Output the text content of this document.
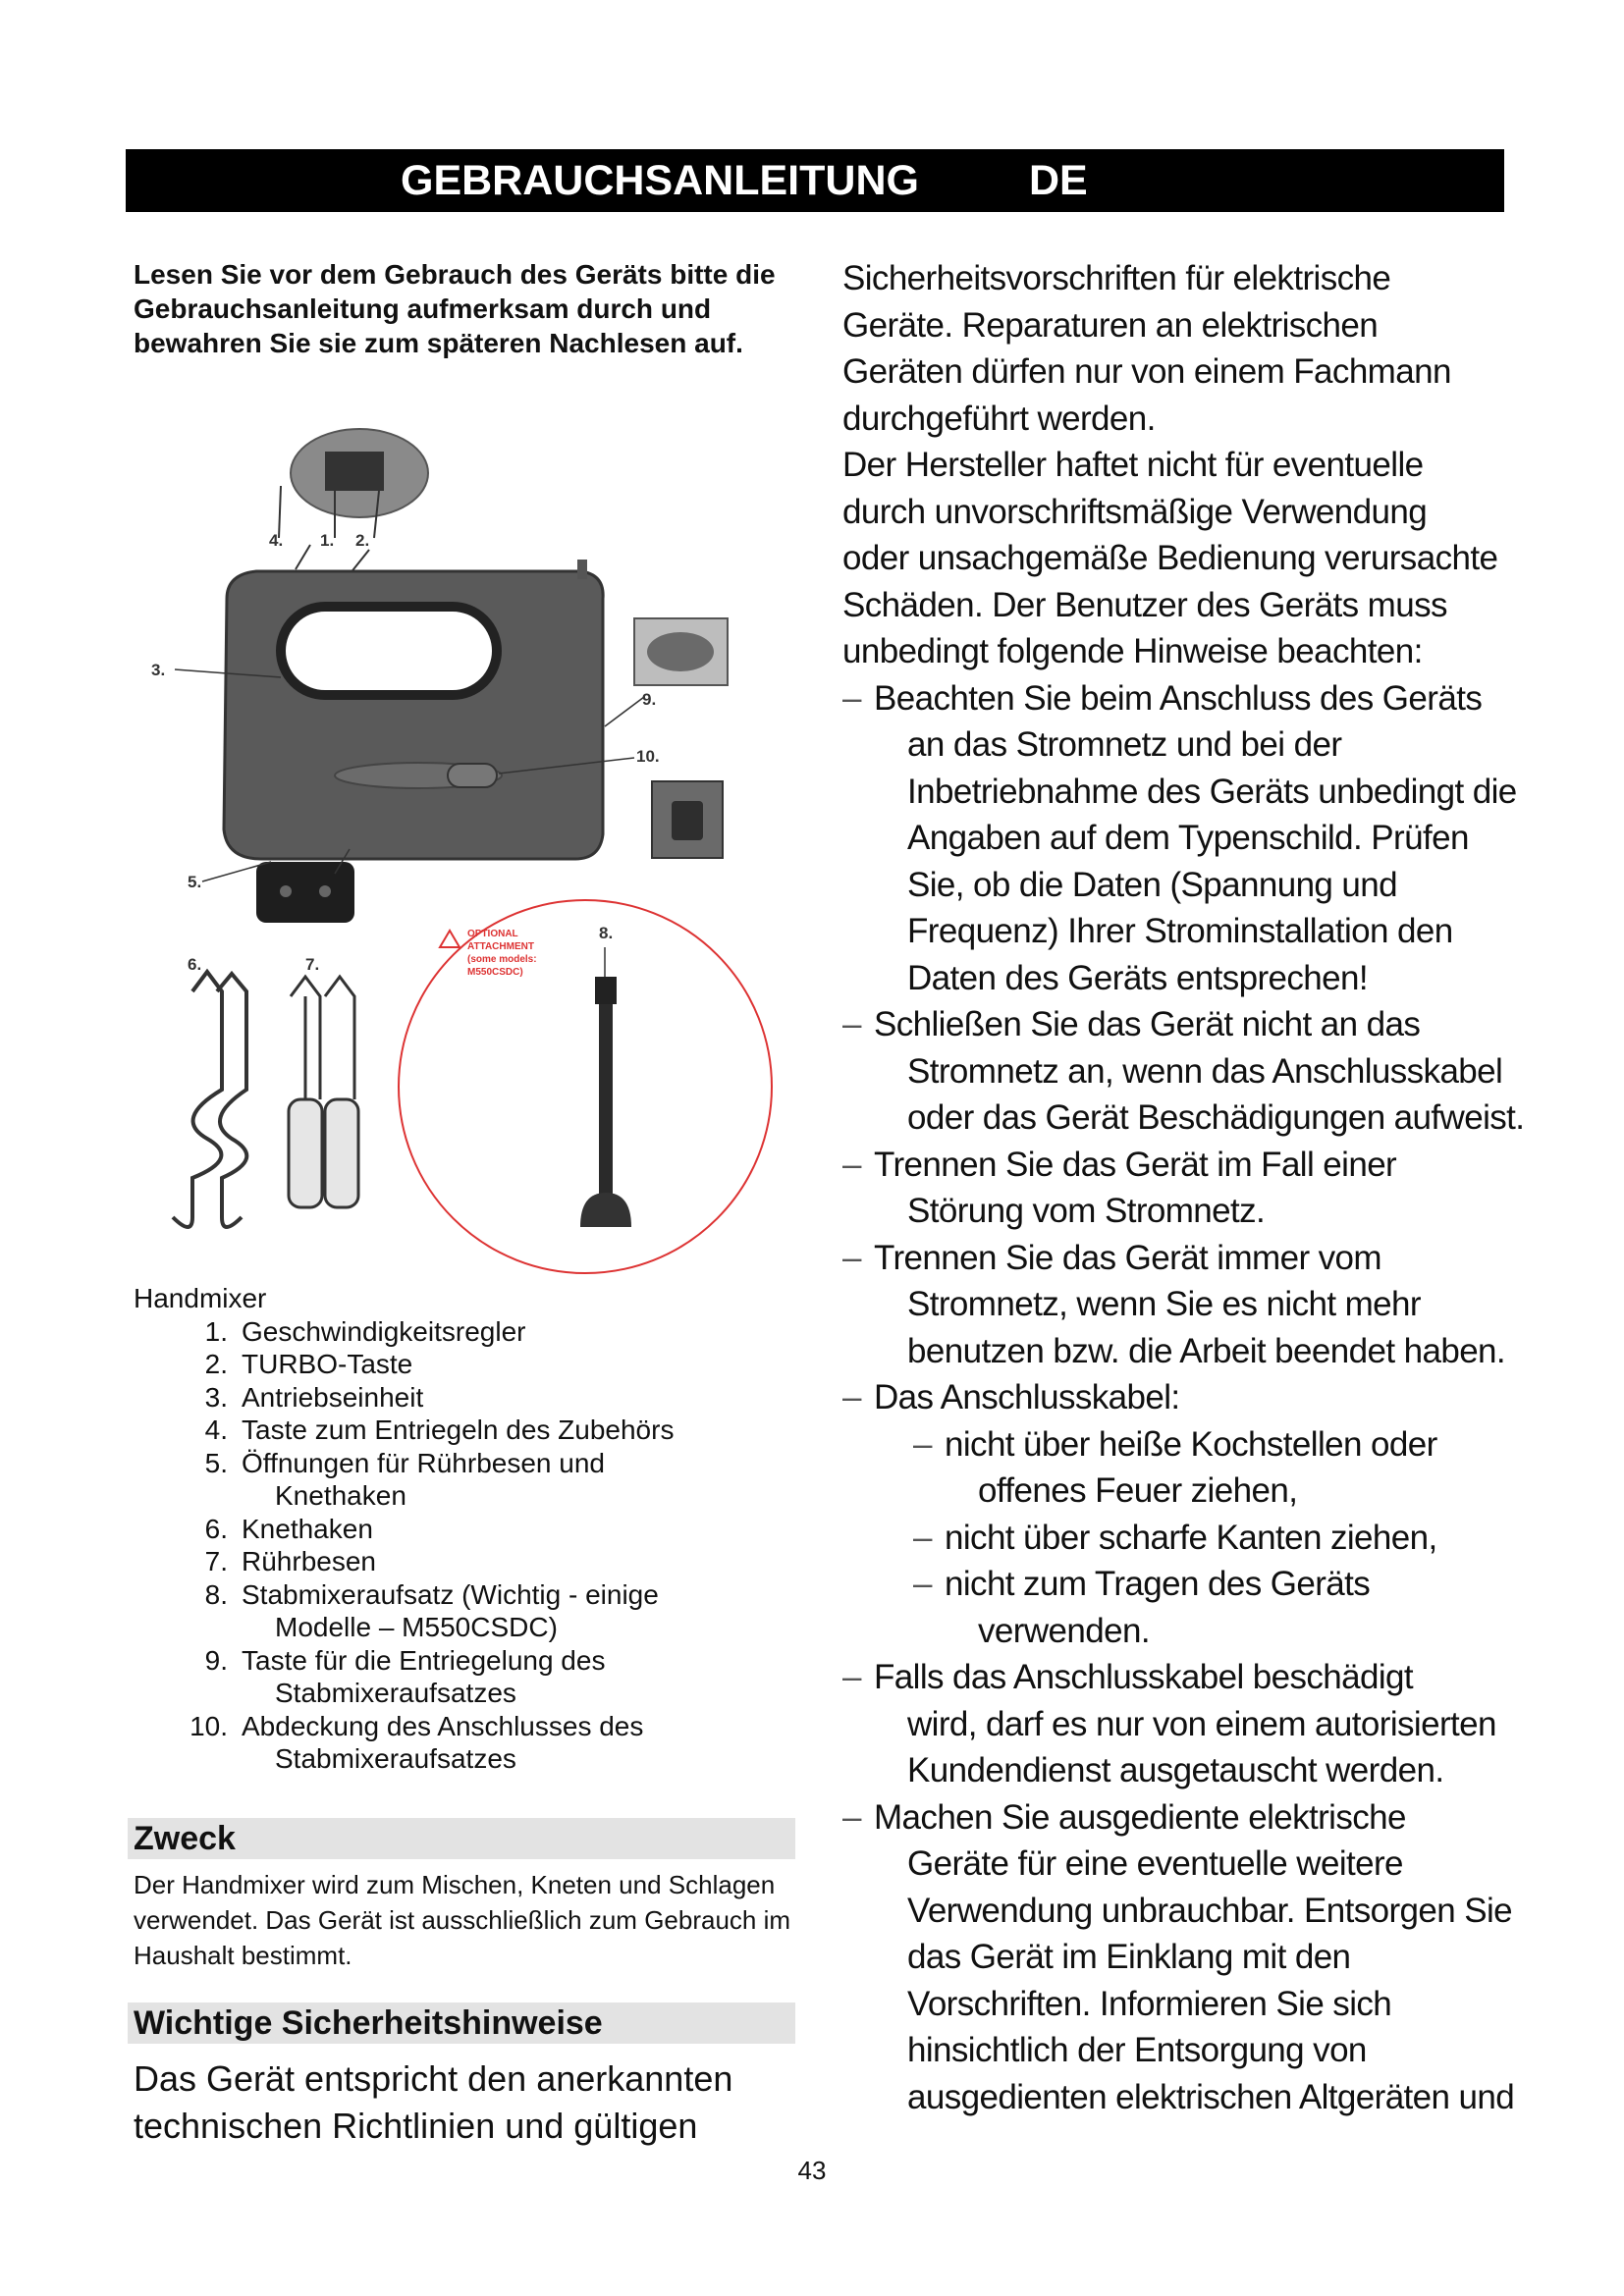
GEBRAUCHSANLEITUNG	DE

Lesen Sie vor dem Gebrauch des Geräts bitte die Gebrauchsanleitung aufmerksam durch und bewahren Sie sie zum späteren Nachlesen auf.

4. 1. 2.
3.
9.
10.
5.
6.	7.
OPTIONAL
ATTACHMENT
(some models:
M550CSDC)
8.

Handmixer

1. Geschwindigkeitsregler
2. TURBO-Taste
3. Antriebseinheit
4. Taste zum Entriegeln des Zubehörs
5. Öffnungen für Rührbesen und
Knethaken
6. Knethaken
7. Rührbesen
8. Stabmixeraufsatz (Wichtig - einige
Modelle – M550CSDC)
9. Taste für die Entriegelung des
Stabmixeraufsatzes
10. Abdeckung des Anschlusses des
Stabmixeraufsatzes
Zweck

Der Handmixer wird zum Mischen, Kneten und Schlagen verwendet. Das Gerät ist ausschließlich zum Gebrauch im Haushalt bestimmt.

Wichtige Sicherheitshinweise
Das Gerät entspricht den anerkannten
technischen Richtlinien und gültigen

Sicherheitsvorschriften für elektrische

Geräte. Reparaturen an elektrischen

Geräten dürfen nur von einem Fachmann

durchgeführt werden.

Der Hersteller haftet nicht für eventuelle

durch unvorschriftsmäßige Verwendung

oder unsachgemäße Bedienung verursachte

Schäden. Der Benutzer des Geräts muss

unbedingt folgende Hinweise beachten:

– Beachten Sie beim Anschluss des Geräts
an das Stromnetz und bei der
Inbetriebnahme des Geräts unbedingt die
Angaben auf dem Typenschild. Prüfen
Sie, ob die Daten (Spannung und
Frequenz) Ihrer Strominstallation den
Daten des Geräts entsprechen!
– Schließen Sie das Gerät nicht an das
Stromnetz an, wenn das Anschlusskabel
oder das Gerät Beschädigungen aufweist.
– Trennen Sie das Gerät im Fall einer
Störung vom Stromnetz.
– Trennen Sie das Gerät immer vom
Stromnetz, wenn Sie es nicht mehr
benutzen bzw. die Arbeit beendet haben.
– Das Anschlusskabel:
– nicht über heiße Kochstellen oder
offenes Feuer ziehen,
– nicht über scharfe Kanten ziehen,
– nicht zum Tragen des Geräts
verwenden.
– Falls das Anschlusskabel beschädigt
wird, darf es nur von einem autorisierten
Kundendienst ausgetauscht werden.
– Machen Sie ausgediente elektrische
Geräte für eine eventuelle weitere
Verwendung unbrauchbar. Entsorgen Sie
das Gerät im Einklang mit den
Vorschriften. Informieren Sie sich
hinsichtlich der Entsorgung von
ausgedienten elektrischen Altgeräten und
43
